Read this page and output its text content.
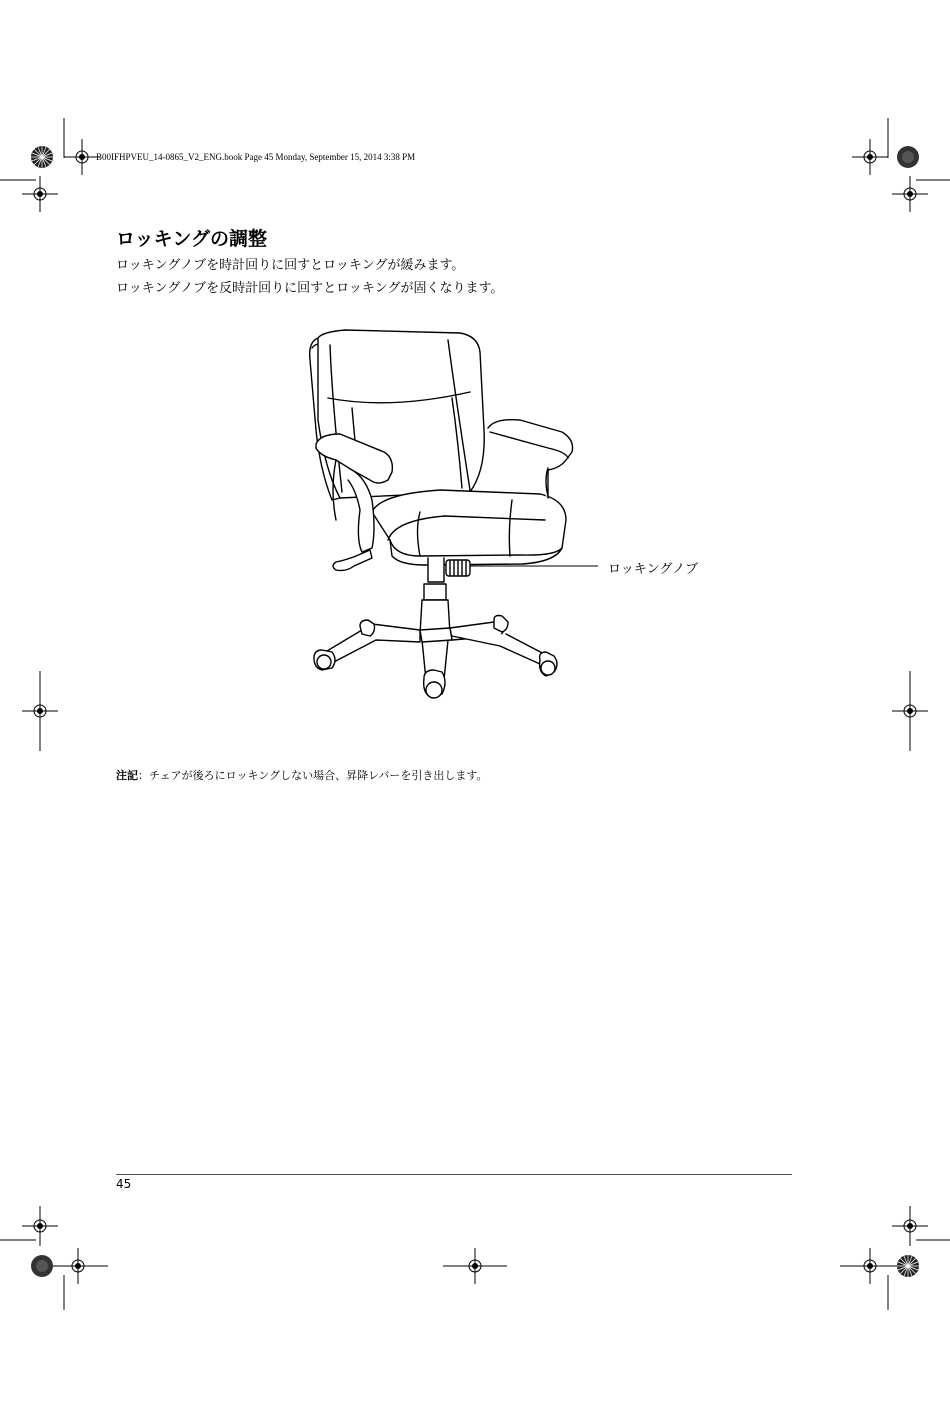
B00IFHPVEU_14-0865_V2_ENG.book Page 45 Monday, September 15, 2014 3:38 PM
ロッキングの調整
ロッキングノブを時計回りに回すとロッキングが緩みます。
ロッキングノブを反時計回りに回すとロッキングが固くなります。
ロッキングノブ
注記：チェアが後ろにロッキングしない場合、昇降レバーを引き出します。
45
